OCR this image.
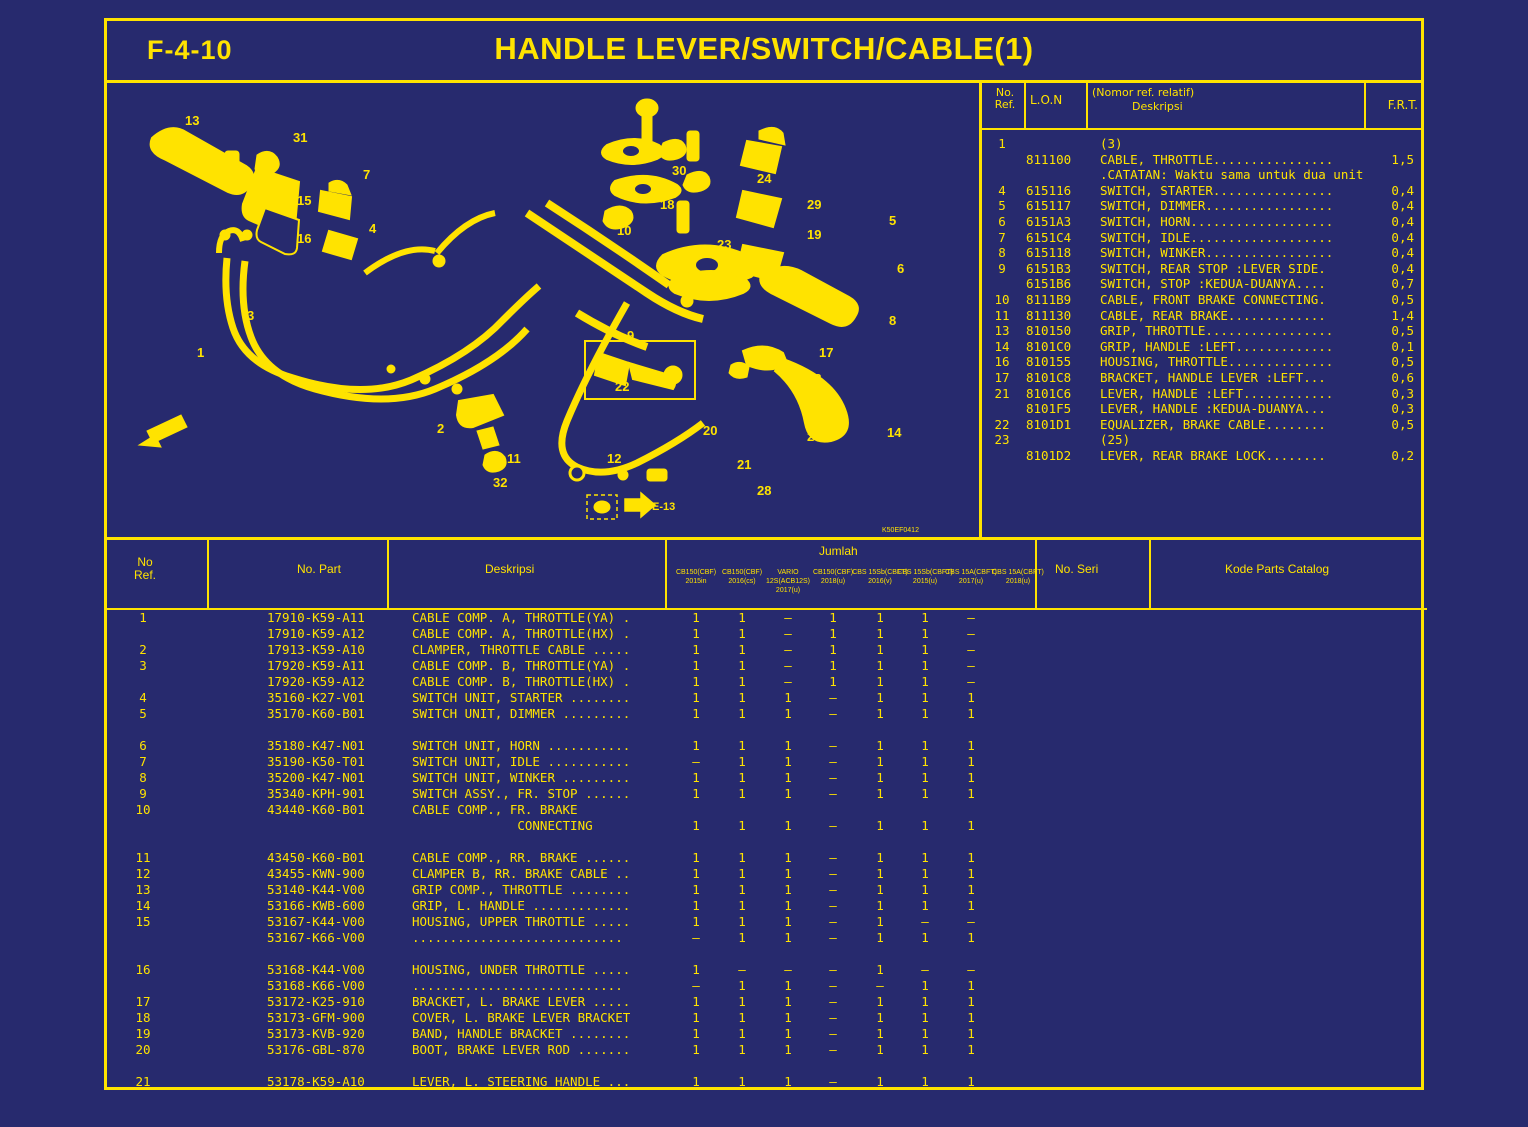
F-4-10	HANDLE LEVER/SWITCH/CABLE(1)
13
31
7
15
16
4
3
1
2
32
10
30
18
23
25
9
22
20
11	12
27
24
29
19
5
6
26
17
28
8
14
21
28
26
E-13
K50EF0412
No.
Ref.	L.O.N
(Nomor ref. relatif)
Deskripsi	F.R.T.
1	(3)
811100 CABLE, THROTTLE................	1,5
.CATATAN: Waktu sama untuk dua unit
4	615116 SWITCH, STARTER................	0,4
5	615117 SWITCH, DIMMER.................	0,4
6	6151A3 SWITCH, HORN...................	0,4
7	6151C4 SWITCH, IDLE...................	0,4
8	615118 SWITCH, WINKER.................	0,4
9	6151B3 SWITCH, REAR STOP :LEVER SIDE.	0,4
6151B6 SWITCH, STOP :KEDUA-DUANYA....	0,7
10	8111B9 CABLE, FRONT BRAKE CONNECTING.	0,5
11	811130 CABLE, REAR BRAKE.............	1,4
13	810150 GRIP, THROTTLE.................	0,5
14	8101C0 GRIP, HANDLE :LEFT.............	0,1
16	810155 HOUSING, THROTTLE..............	0,5
17	8101C8 BRACKET, HANDLE LEVER :LEFT...	0,6
21	8101C6 LEVER, HANDLE :LEFT............	0,3
8101F5 LEVER, HANDLE :KEDUA-DUANYA...	0,3
22	8101D1 EQUALIZER, BRAKE CABLE........	0,5
23	(25)
8101D2 LEVER, REAR BRAKE LOCK........	0,2
No
Ref.	No. Part	Deskripsi
Jumlah
No. Seri	Kode Parts Catalog
CB150(CBF)
2015in
CB150(CBF)
2016(cs)
VARIO 12S(ACB12S)
2017(u)
CB150(CBF)
2018(u)
CBS 15Sb(CBFT)
2016(v)
CBS 15Sb(CBFT)
2015(u)
CBS 15A(CBFT)
2017(u)
CBS 15A(CBFT)
2018(u)
1	17910-K59-A11	CABLE COMP. A, THROTTLE(YA) .	1	1	–	1	1	1	–
17910-K59-A12	CABLE COMP. A, THROTTLE(HX) .	1	1	–	1	1	1	–
2	17913-K59-A10	CLAMPER, THROTTLE CABLE .....	1	1	–	1	1	1	–
3	17920-K59-A11	CABLE COMP. B, THROTTLE(YA) .	1	1	–	1	1	1	–
17920-K59-A12	CABLE COMP. B, THROTTLE(HX) .	1	1	–	1	1	1	–
4	35160-K27-V01	SWITCH UNIT, STARTER ........	1	1	1	–	1	1	1
5	35170-K60-B01	SWITCH UNIT, DIMMER .........	1	1	1	–	1	1	1
6	35180-K47-N01	SWITCH UNIT, HORN ...........	1	1	1	–	1	1	1
7	35190-K50-T01	SWITCH UNIT, IDLE ...........	–	1	1	–	1	1	1
8	35200-K47-N01	SWITCH UNIT, WINKER .........	1	1	1	–	1	1	1
9	35340-KPH-901	SWITCH ASSY., FR. STOP ......	1	1	1	–	1	1	1
10	43440-K60-B01	CABLE COMP., FR. BRAKE
CONNECTING	1	1	1	–	1	1	1
11	43450-K60-B01	CABLE COMP., RR. BRAKE ......	1	1	1	–	1	1	1
12	43455-KWN-900	CLAMPER B, RR. BRAKE CABLE ..	1	1	1	–	1	1	1
13	53140-K44-V00	GRIP COMP., THROTTLE ........	1	1	1	–	1	1	1
14	53166-KWB-600	GRIP, L. HANDLE .............	1	1	1	–	1	1	1
15	53167-K44-V00	HOUSING, UPPER THROTTLE .....	1	1	1	–	1	–	–
53167-K66-V00	............................	–	1	1	–	1	1	1
16	53168-K44-V00	HOUSING, UNDER THROTTLE .....	1	–	–	–	1	–	–
53168-K66-V00	............................	–	1	1	–	–	1	1
17	53172-K25-910	BRACKET, L. BRAKE LEVER .....	1	1	1	–	1	1	1
18	53173-GFM-900	COVER, L. BRAKE LEVER BRACKET	1	1	1	–	1	1	1
19	53173-KVB-920	BAND, HANDLE BRACKET ........	1	1	1	–	1	1	1
20	53176-GBL-870	BOOT, BRAKE LEVER ROD .......	1	1	1	–	1	1	1
21	53178-K59-A10	LEVER, L. STEERING HANDLE ...	1	1	1	–	1	1	1
